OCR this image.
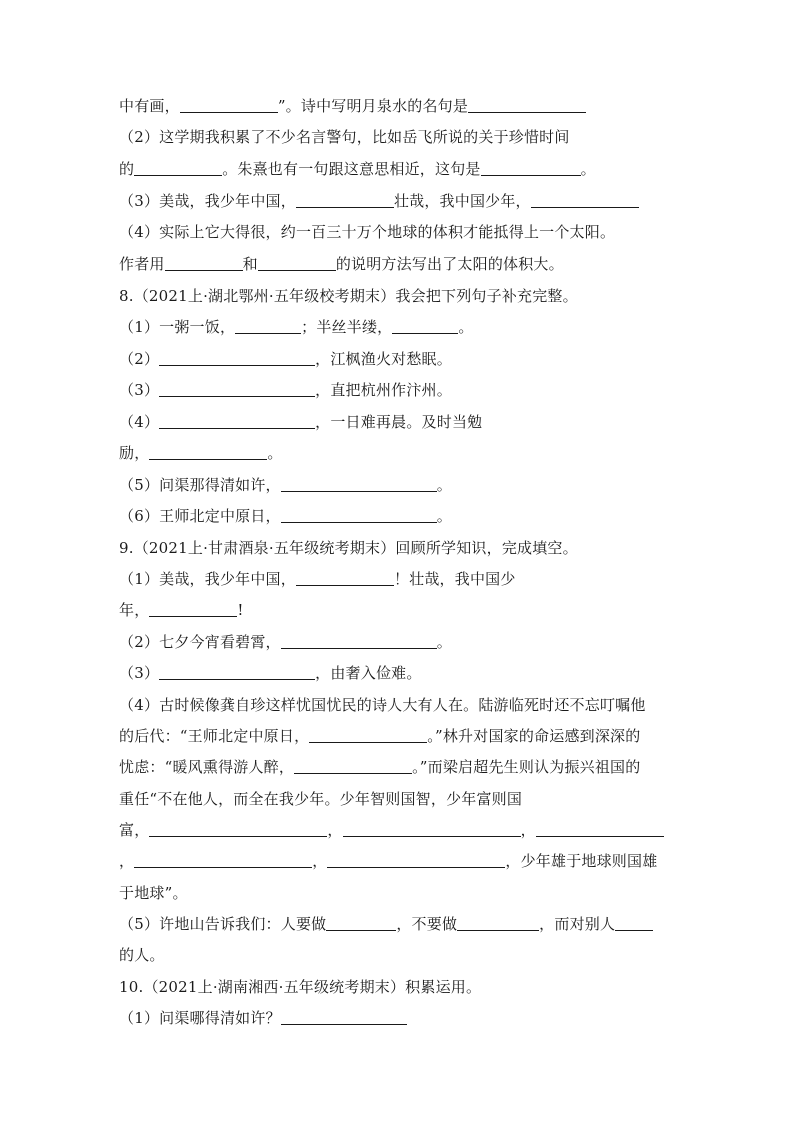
中有画，	”。诗中写明月泉水的名句是
（2）这学期我积累了不少名言警句，比如岳飞所说的关于珍惜时间
的	。朱熹也有一句跟这意思相近，这句是	。
（3）美哉，我少年中国，	壮哉，我中国少年，
（4）实际上它大得很，约一百三十万个地球的体积才能抵得上一个太阳。
作者用	和	的说明方法写出了太阳的体积大。
8.（2021上·湖北鄂州·五年级校考期末）我会把下列句子补充完整。
（1）一粥一饭，	；半丝半缕，	。
（2）	，江枫渔火对愁眠。
（3）	，直把杭州作汴州。
（4）	，一日难再晨。及时当勉
励，	。
（5）问渠那得清如许，	。
（6）王师北定中原日，	。
9.（2021上·甘肃酒泉·五年级统考期末）回顾所学知识，完成填空。
（1）美哉，我少年中国，	！壮哉，我中国少
年，	!
（2）七夕今宵看碧霄，	。
（3）	，由奢入俭难。
（4）古时候像龚自珍这样忧国忧民的诗人大有人在。陆游临死时还不忘叮嘱他
的后代：“王师北定中原日，	。”林升对国家的命运感到深深的
忧虑：“暖风熏得游人醉，	。”而梁启超先生则认为振兴祖国的
重任“不在他人，而全在我少年。少年智则国智，少年富则国
富，	，	，
，	，	，少年雄于地球则国雄
于地球”。
（5）许地山告诉我们：人要做	，不要做	，而对别人
的人。
10.（2021上·湖南湘西·五年级统考期末）积累运用。
（1）问渠哪得清如许？
